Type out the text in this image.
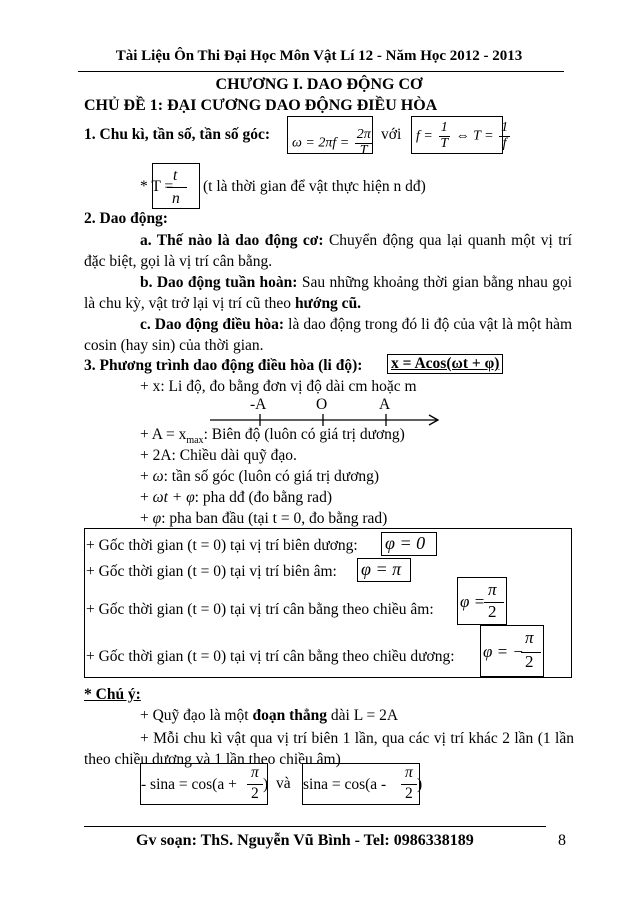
Tài Liệu Ôn Thi Đại Học Môn Vật Lí 12 - Năm Học 2012 - 2013
CHƯƠNG I. DAO ĐỘNG CƠ
CHỦ ĐỀ 1: ĐẠI CƯƠNG DAO ĐỘNG ĐIỀU HÒA
1. Chu kì, tần số, tần số góc: $\omega = 2\pi f = \frac{2\pi}{T}$ với $f = \frac{1}{T}$ ⇔ $T = \frac{1}{f}$
* T =
t
n
(t là thời gian để vật thực hiện n dđ)
2. Dao động:
a. Thế nào là dao động cơ: Chuyển động qua lại quanh một vị trí đặc biệt, gọi là vị trí cân bằng.
b. Dao động tuần hoàn: Sau những khoảng thời gian bằng nhau gọi là chu kỳ, vật trở lại vị trí cũ theo hướng cũ.
c. Dao động điều hòa: là dao động trong đó li độ của vật là một hàm cosin (hay sin) của thời gian.
3. Phương trình dao động điều hòa (li độ): x = Acos(ωt + φ)
+ x: Li độ, đo bằng đơn vị độ dài cm hoặc m
-A	O	A
+ $A = x_{max}$: Biên độ (luôn có giá trị dương)
+ 2A: Chiều dài quỹ đạo.
+ ω: tần số góc (luôn có giá trị dương)
+ ωt + φ: pha dđ (đo bằng rad)
+ φ: pha ban đầu (tại t = 0, đo bằng rad)
+ Gốc thời gian (t = 0) tại vị trí biên dương: φ = 0
+ Gốc thời gian (t = 0) tại vị trí biên âm: φ = π
+ Gốc thời gian (t = 0) tại vị trí cân bằng theo chiều âm: φ =
π
2
+ Gốc thời gian (t = 0) tại vị trí cân bằng theo chiều dương: φ = −
π
2
* Chú ý:
+ Quỹ đạo là một đoạn thẳng dài L = 2A
+ Mỗi chu kì vật qua vị trí biên 1 lần, qua các vị trí khác 2 lần (1 lần theo chiều dương và 1 lần theo chiều âm)
- sina = cos(a +
π
2
) và sina = cos(a -
π
2
)
Gv soạn: ThS. Nguyễn Vũ Bình - Tel: 0986338189	8
